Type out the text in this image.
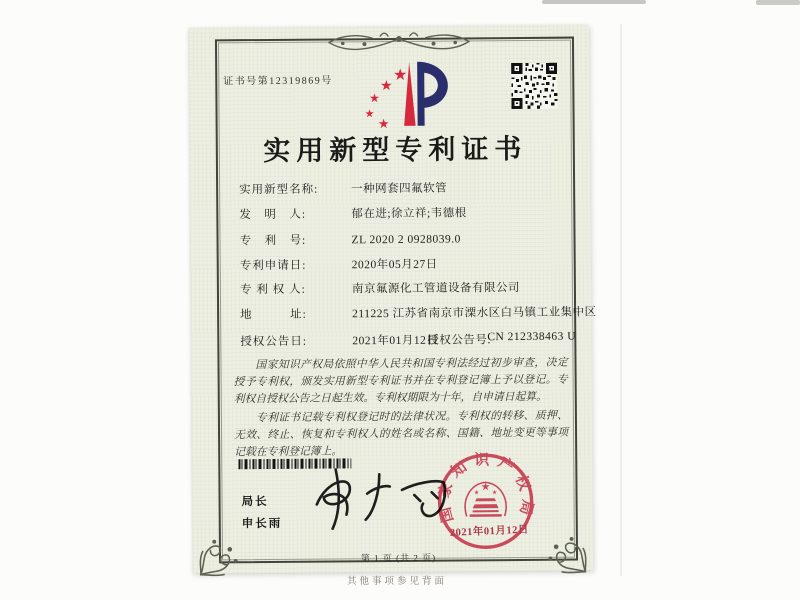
证书号第12319869号	★
★
★
★
★
实用新型专利证书
实用新型名称:	一种网套四氟软管
发　明　人:	郁在进;徐立祥;韦德根
专　利　号:	ZL 2020 2 0928039.0
专利申请日:	2020年05月27日
专 利 权 人:	南京氟源化工管道设备有限公司
地　　　址:	211225 江苏省南京市溧水区白马镇工业集中区
授权公告日:	2021年01月12日
授权公告号:
CN 212338463 U

国家知识产权局依照中华人民共和国专利法经过初步审查，决定授予专利权，颁发实用新型专利证书并在专利登记簿上予以登记。专利权自授权公告之日起生效。专利权期限为十年，自申请日起算。

专利证书记载专利权登记时的法律状况。专利权的转移、质押、无效、终止、恢复和专利权人的姓名或名称、国籍、地址变更等事项记载在专利登记簿上。

局长
申长雨
国家知识产权局
★
★ ★
2021年01月12日
第 1 页 (共 2 页)
其他事项参见背面
